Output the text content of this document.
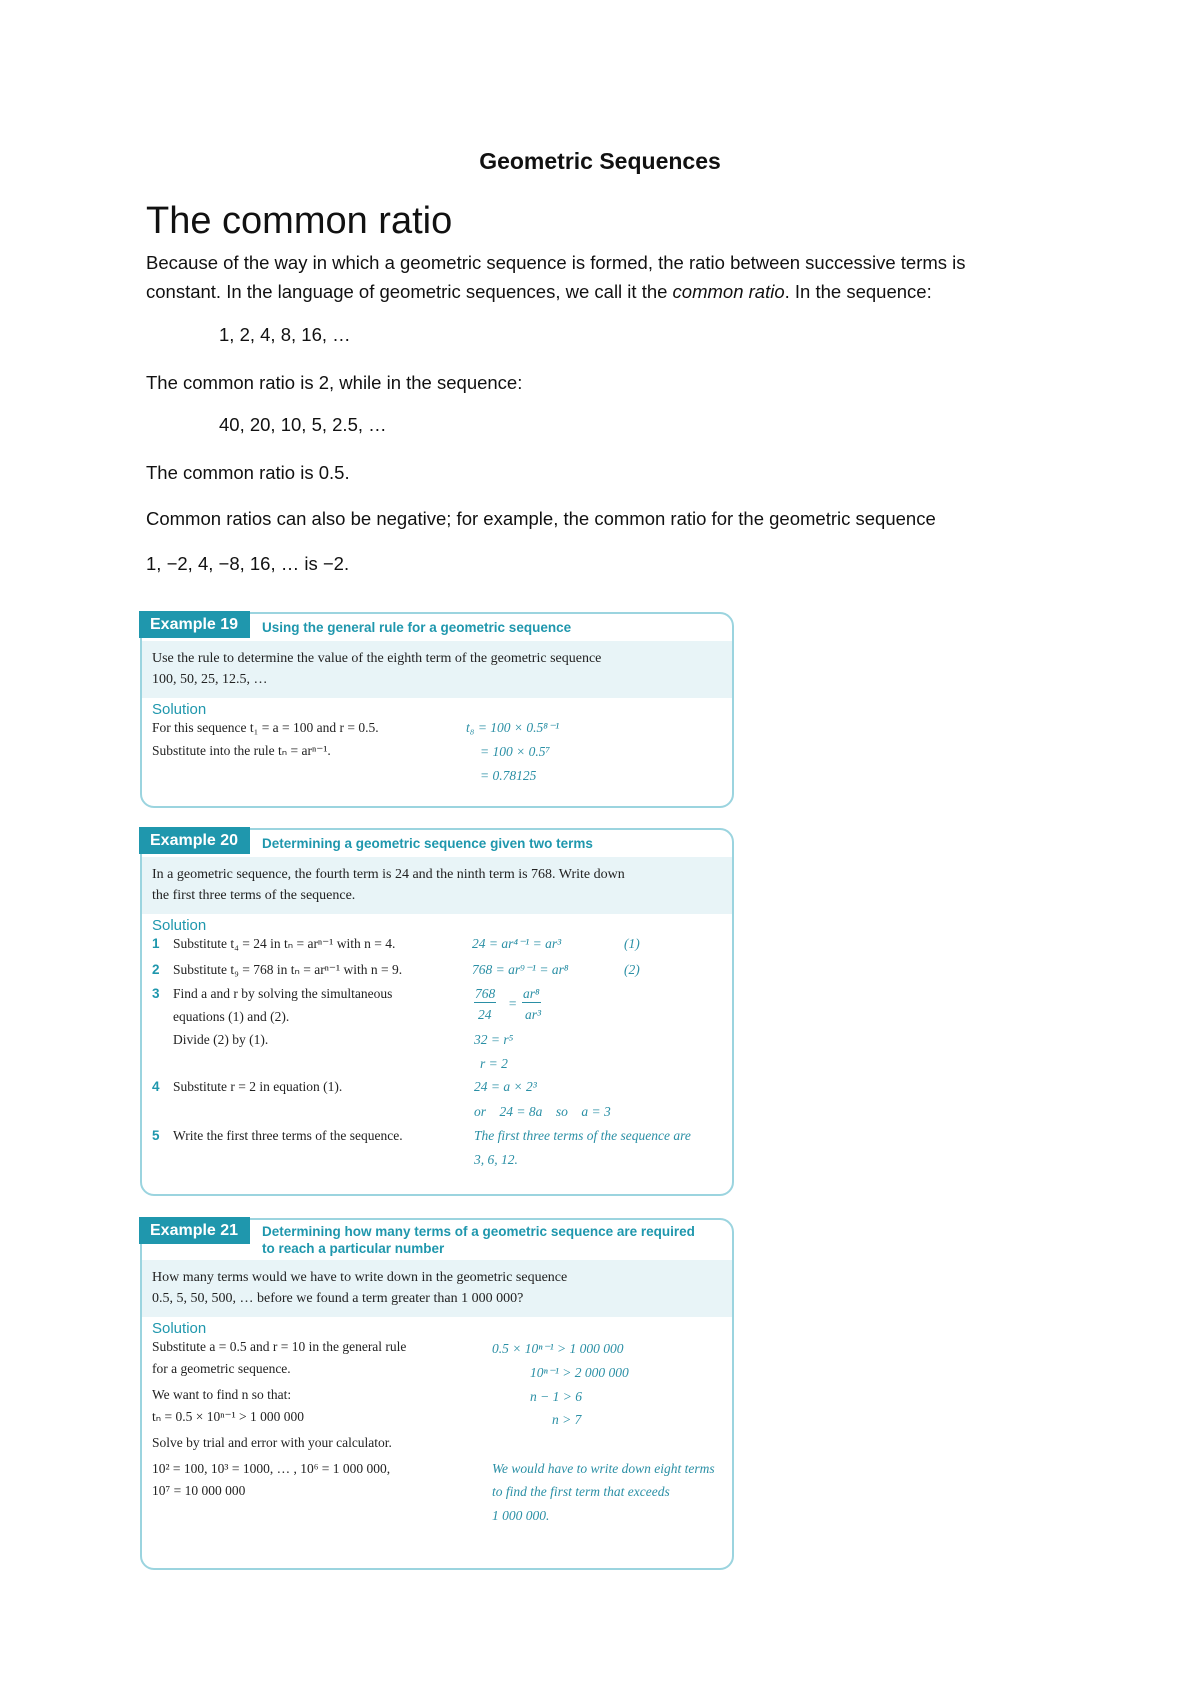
Geometric Sequences
The common ratio
Because of the way in which a geometric sequence is formed, the ratio between successive terms is
constant. In the language of geometric sequences, we call it the common ratio. In the sequence:
1, 2, 4, 8, 16, …
The common ratio is 2, while in the sequence:
40, 20, 10, 5, 2.5, …
The common ratio is 0.5.
Common ratios can also be negative; for example, the common ratio for the geometric sequence
1, −2, 4, −8, 16, … is −2.
Example 19	Using the general rule for a geometric sequence
Use the rule to determine the value of the eighth term of the geometric sequence
100, 50, 25, 12.5, …
Solution
For this sequence t₁ = a = 100 and r = 0.5.
Substitute into the rule tₙ = arⁿ⁻¹.
t₈ = 100 × 0.5⁸⁻¹
= 100 × 0.5⁷
= 0.78125
Example 20	Determining a geometric sequence given two terms
In a geometric sequence, the fourth term is 24 and the ninth term is 768. Write down
the first three terms of the sequence.
Solution
1 Substitute t₄ = 24 in tₙ = arⁿ⁻¹ with n = 4.	24 = ar⁴⁻¹ = ar³	(1)
2 Substitute t₉ = 768 in tₙ = arⁿ⁻¹ with n = 9.	768 = ar⁹⁻¹ = ar⁸	(2)
3 Find a and r by solving the simultaneous
equations (1) and (2).
Divide (2) by (1).
768
24
=
ar⁸
ar³
32 = r⁵
r = 2
4 Substitute r = 2 in equation (1).	24 = a × 2³
or    24 = 8a    so    a = 3
5 Write the first three terms of the sequence.	The first three terms of the sequence are
3, 6, 12.
Example 21	Determining how many terms of a geometric sequence are required
to reach a particular number
How many terms would we have to write down in the geometric sequence
0.5, 5, 50, 500, … before we found a term greater than 1 000 000?
Solution
Substitute a = 0.5 and r = 10 in the general rule
for a geometric sequence.
We want to find n so that:
tₙ = 0.5 × 10ⁿ⁻¹ > 1 000 000
Solve by trial and error with your calculator.
10² = 100, 10³ = 1000, … , 10⁶ = 1 000 000,
10⁷ = 10 000 000
0.5 × 10ⁿ⁻¹ > 1 000 000
10ⁿ⁻¹ > 2 000 000
n − 1 > 6
n > 7
We would have to write down eight terms
to find the first term that exceeds
1 000 000.
